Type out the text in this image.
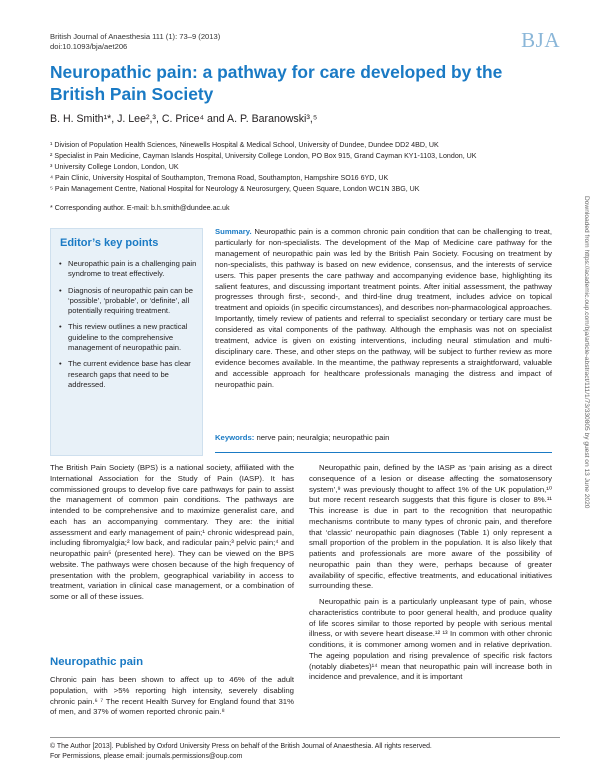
British Journal of Anaesthesia 111 (1): 73–9 (2013)
doi:10.1093/bja/aet206	BJA
Neuropathic pain: a pathway for care developed by the British Pain Society
B. H. Smith¹*, J. Lee²,³, C. Price⁴ and A. P. Baranowski³,⁵
¹ Division of Population Health Sciences, Ninewells Hospital & Medical School, University of Dundee, Dundee DD2 4BD, UK
² Specialist in Pain Medicine, Cayman Islands Hospital, University College London, PO Box 915, Grand Cayman KY1-1103, London, UK
³ University College London, London, UK
⁴ Pain Clinic, University Hospital of Southampton, Tremona Road, Southampton, Hampshire SO16 6YD, UK
⁵ Pain Management Centre, National Hospital for Neurology & Neurosurgery, Queen Square, London WC1N 3BG, UK
* Corresponding author. E-mail: b.h.smith@dundee.ac.uk
Editor’s key points
• Neuropathic pain is a challenging pain syndrome to treat effectively.
• Diagnosis of neuropathic pain can be ‘possible’, ‘probable’, or ‘definite’, all potentially requiring treatment.
• This review outlines a new practical guideline to the comprehensive management of neuropathic pain.
• The current evidence base has clear research gaps that need to be addressed.
Summary. Neuropathic pain is a common chronic pain condition that can be challenging to treat, particularly for non-specialists. The development of the Map of Medicine care pathway for the management of neuropathic pain was led by the British Pain Society. Focusing on treatment by non-specialists, this pathway is based on new evidence, consensus, and the interests of service users. This paper presents the care pathway and accompanying evidence base, highlighting its salient features, and discussing important treatment points. After initial assessment, the pathway progresses through first-, second-, and third-line drug treatment, includes advice on topical treatment and opioids (in specific circumstances), and describes non-pharmacological approaches. Importantly, timely review of patients and referral to specialist secondary or tertiary care must be considered as vital components of the pathway. Although the emphasis was not on specialist treatment, advice is given on existing interventions, including neural stimulation and multi-disciplinary care. These, and other steps on the pathway, will be subject to further review as more evidence becomes available. In the meantime, the pathway represents a straightforward, valuable and accessible approach for healthcare professionals managing the distress and impact of neuropathic pain.
Keywords: nerve pain; neuralgia; neuropathic pain

The British Pain Society (BPS) is a national society, affiliated with the International Association for the Study of Pain (IASP). It has commissioned groups to develop five care pathways for pain to assist the management of common pain conditions. The pathways are intended to be comprehensive and to maximize generalist care, and each has an accompanying commentary. They are: the initial assessment and early management of pain;¹ chronic widespread pain, including fibromyalgia;² low back, and radicular pain;³ pelvic pain;⁴ and neuropathic pain⁵ (presented here). They can be viewed on the BPS website. The pathways were chosen because of the high frequency of presentation with the problem, geographical variability in access to treatment, variation in clinical case management, or a combination of some or all of these issues.

Neuropathic pain

Chronic pain has been shown to affect up to 46% of the adult population, with >5% reporting high intensity, severely disabling chronic pain.⁶ ⁷ The recent Health Survey for England found that 31% of men, and 37% of women reported chronic pain.⁸

Neuropathic pain, defined by the IASP as ‘pain arising as a direct consequence of a lesion or disease affecting the somatosensory system’,⁹ was previously thought to affect 1% of the UK population,¹⁰ but more recent research suggests that this figure is closer to 8%.¹¹ This increase is due in part to the recognition that neuropathic mechanisms contribute to many types of chronic pain, and therefore that ‘classic’ neuropathic pain diagnoses (Table 1) only represent a small proportion of the problem in the population. It is also likely that patients and professionals are more aware of the possibility of neuropathic pain than they were, perhaps because of greater availability of specific, effective treatments, and educational initiatives surrounding these.

Neuropathic pain is a particularly unpleasant type of pain, whose characteristics contribute to poor general health, and produce quality of life scores similar to those reported by people with serious mental illness, or with severe heart disease.¹² ¹³ In common with other chronic conditions, it is commoner among women and in relative deprivation. The ageing population and rising prevalence of specific risk factors (notably diabetes)¹⁴ mean that neuropathic pain will increase both in incidence and prevalence, and it is important

© The Author [2013]. Published by Oxford University Press on behalf of the British Journal of Anaesthesia. All rights reserved.
For Permissions, please email: journals.permissions@oup.com
Downloaded from https://academic.oup.com/bja/article-abstract/111/1/73/330805 by guest on 13 June 2020
